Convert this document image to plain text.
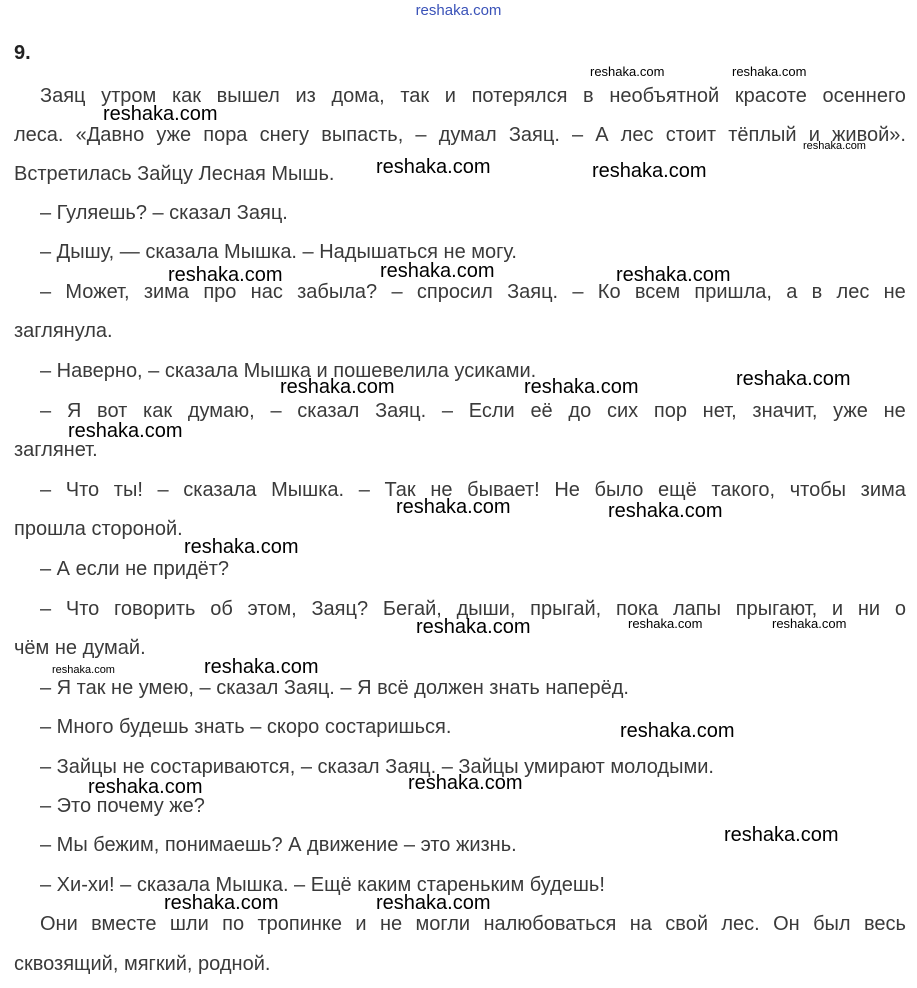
reshaka.com
9.
Заяц утром как вышел из дома, так и потерялся в необъятной красоте осеннего
леса. «Давно уже пора снегу выпасть, – думал Заяц. – А лес стоит тёплый и живой».
Встретилась Зайцу Лесная Мышь.
– Гуляешь? – сказал Заяц.
– Дышу, — сказала Мышка. – Надышаться не могу.
– Может, зима про нас забыла? – спросил Заяц. – Ко всем пришла, а в лес не
заглянула.
– Наверно, – сказала Мышка и пошевелила усиками.
– Я вот как думаю, – сказал Заяц. – Если её до сих пор нет, значит, уже не
заглянет.
– Что ты! – сказала Мышка. – Так не бывает! Не было ещё такого, чтобы зима
прошла стороной.
– А если не придёт?
– Что говорить об этом, Заяц? Бегай, дыши, прыгай, пока лапы прыгают, и ни о
чём не думай.
– Я так не умею, – сказал Заяц. – Я всё должен знать наперёд.
– Много будешь знать – скоро состаришься.
– Зайцы не состариваются, – сказал Заяц. – Зайцы умирают молодыми.
– Это почему же?
– Мы бежим, понимаешь? А движение – это жизнь.
– Хи-хи! – сказала Мышка. – Ещё каким стареньким будешь!
Они вместе шли по тропинке и не могли налюбоваться на свой лес. Он был весь
сквозящий, мягкий, родной.
reshaka.com
reshaka.com	reshaka.com
reshaka.com
reshaka.com	reshaka.com
reshaka.com	reshaka.com	reshaka.com
reshaka.com	reshaka.com	reshaka.com
reshaka.com
reshaka.com	reshaka.com
reshaka.com
reshaka.com	reshaka.com	reshaka.com
reshaka.com	reshaka.com
reshaka.com
reshaka.com	reshaka.com
reshaka.com
reshaka.com	reshaka.com
